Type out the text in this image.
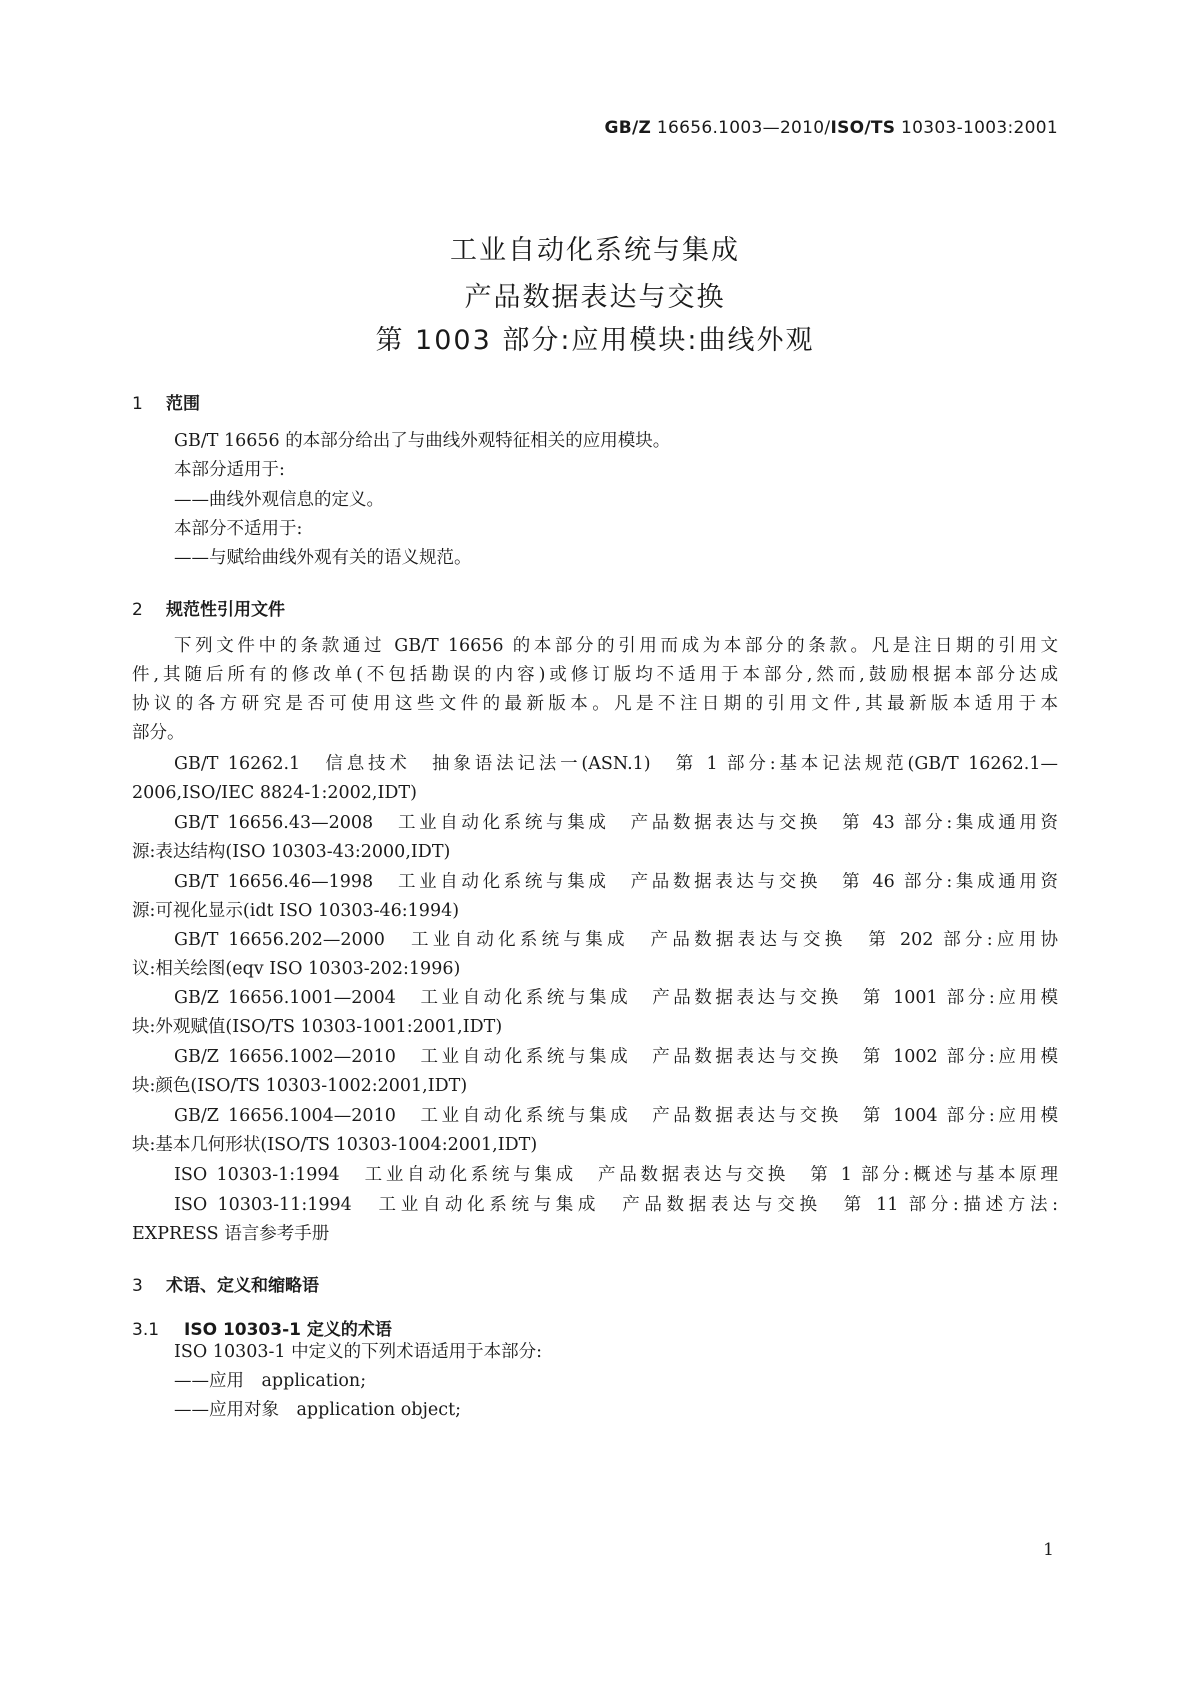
GB/Z 16656.1003—2010/ISO/TS 10303-1003:2001
工业自动化系统与集成
产品数据表达与交换
第 1003 部分:应用模块:曲线外观
1 范围
GB/T 16656 的本部分给出了与曲线外观特征相关的应用模块。
本部分适用于:
——曲线外观信息的定义。
本部分不适用于:
——与赋给曲线外观有关的语义规范。
2 规范性引用文件
下列文件中的条款通过 GB/T 16656 的本部分的引用而成为本部分的条款。凡是注日期的引用文
件,其随后所有的修改单(不包括勘误的内容)或修订版均不适用于本部分,然而,鼓励根据本部分达成
协议的各方研究是否可使用这些文件的最新版本。凡是不注日期的引用文件,其最新版本适用于本
部分。
GB/T 16262.1　信息技术　抽象语法记法一(ASN.1)　第 1 部分:基本记法规范(GB/T 16262.1—
2006,ISO/IEC 8824-1:2002,IDT)
GB/T 16656.43—2008　工业自动化系统与集成　产品数据表达与交换　第 43 部分:集成通用资
源:表达结构(ISO 10303-43:2000,IDT)
GB/T 16656.46—1998　工业自动化系统与集成　产品数据表达与交换　第 46 部分:集成通用资
源:可视化显示(idt ISO 10303-46:1994)
GB/T 16656.202—2000　工业自动化系统与集成　产品数据表达与交换　第 202 部分:应用协
议:相关绘图(eqv ISO 10303-202:1996)
GB/Z 16656.1001—2004　工业自动化系统与集成　产品数据表达与交换　第 1001 部分:应用模
块:外观赋值(ISO/TS 10303-1001:2001,IDT)
GB/Z 16656.1002—2010　工业自动化系统与集成　产品数据表达与交换　第 1002 部分:应用模
块:颜色(ISO/TS 10303-1002:2001,IDT)
GB/Z 16656.1004—2010　工业自动化系统与集成　产品数据表达与交换　第 1004 部分:应用模
块:基本几何形状(ISO/TS 10303-1004:2001,IDT)
ISO 10303-1:1994　工业自动化系统与集成　产品数据表达与交换　第 1 部分:概述与基本原理
ISO 10303-11:1994　工业自动化系统与集成　产品数据表达与交换　第 11 部分:描述方法:
EXPRESS 语言参考手册
3 术语、定义和缩略语
3.1 ISO 10303-1 定义的术语
ISO 10303-1 中定义的下列术语适用于本部分:
——应用　application;
——应用对象　application object;
1
